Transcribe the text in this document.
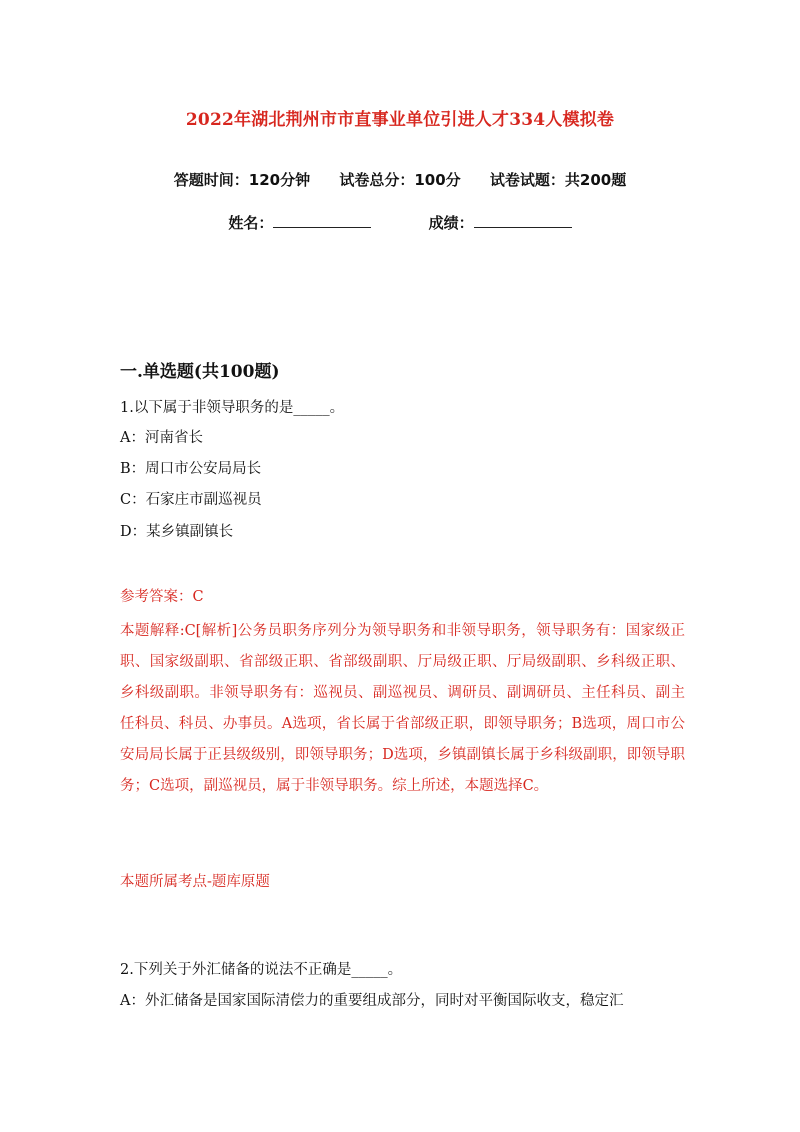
2022年湖北荆州市市直事业单位引进人才334人模拟卷
答题时间：120分钟 试卷总分：100分 试卷试题：共200题
姓名：	成绩：
一.单选题(共100题)
1.以下属于非领导职务的是_____。
A：河南省长
B：周口市公安局局长
C：石家庄市副巡视员
D：某乡镇副镇长
参考答案：C
本题解释:C[解析]公务员职务序列分为领导职务和非领导职务，领导职务有：国家级正职、国家级副职、省部级正职、省部级副职、厅局级正职、厅局级副职、乡科级正职、乡科级副职。非领导职务有：巡视员、副巡视员、调研员、副调研员、主任科员、副主任科员、科员、办事员。A选项，省长属于省部级正职，即领导职务；B选项，周口市公安局局长属于正县级级别，即领导职务；D选项，乡镇副镇长属于乡科级副职，即领导职务；C选项，副巡视员，属于非领导职务。综上所述，本题选择C。
本题所属考点-题库原题
2.下列关于外汇储备的说法不正确是_____。
A：外汇储备是国家国际清偿力的重要组成部分，同时对平衡国际收支，稳定汇
